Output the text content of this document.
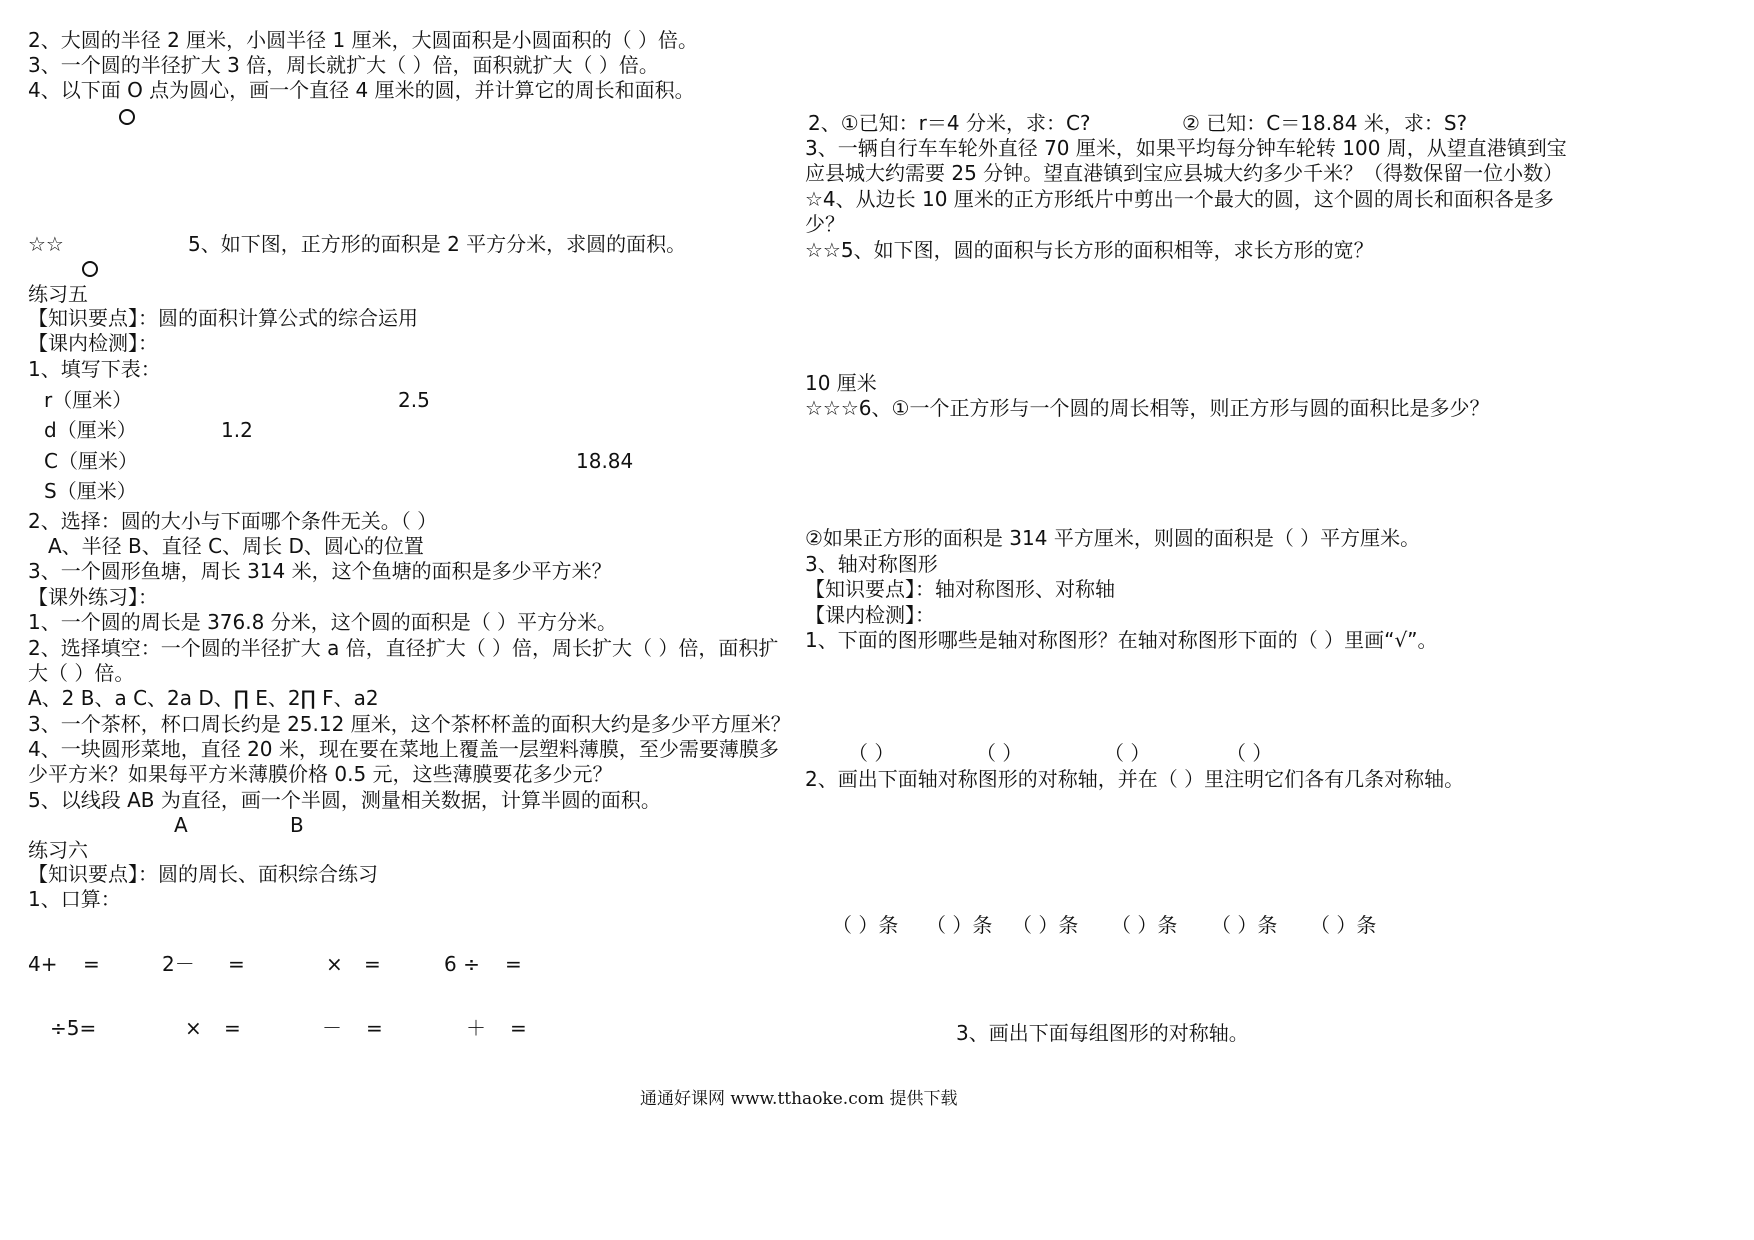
2、大圆的半径 2 厘米，小圆半径 1 厘米，大圆面积是小圆面积的（ ）倍。
3、一个圆的半径扩大 3 倍，周长就扩大（ ）倍，面积就扩大（ ）倍。
4、以下面 O 点为圆心，画一个直径 4 厘米的圆，并计算它的周长和面积。
☆☆	5、如下图，正方形的面积是 2 平方分米，求圆的面积。
练习五
【知识要点】：圆的面积计算公式的综合运用
【课内检测】：
1、填写下表：
r（厘米）	2.5
d（厘米）	1.2
C（厘米）	18.84
S（厘米）
2、选择：圆的大小与下面哪个条件无关。（ ）
A、半径 B、直径 C、周长 D、圆心的位置
3、一个圆形鱼塘，周长 314 米，这个鱼塘的面积是多少平方米？
【课外练习】：
1、一个圆的周长是 376.8 分米，这个圆的面积是（ ）平方分米。
2、选择填空：一个圆的半径扩大 a 倍，直径扩大（ ）倍，周长扩大（ ）倍，面积扩
大（ ）倍。
A、2 B、a C、2a D、∏ E、2∏ F、a2
3、一个茶杯，杯口周长约是 25.12 厘米，这个茶杯杯盖的面积大约是多少平方厘米？
4、一块圆形菜地，直径 20 米，现在要在菜地上覆盖一层塑料薄膜，至少需要薄膜多
少平方米？如果每平方米薄膜价格 0.5 元，这些薄膜要花多少元？
5、以线段 AB 为直径，画一个半圆，测量相关数据，计算半圆的面积。
A	B
练习六
【知识要点】：圆的周长、面积综合练习
1、口算：
4+ =	2－ =	× =	6 ÷ =
÷5=	× =	－ =	＋ =
2、①已知：r＝4 分米，求：C?	② 已知：C＝18.84 米，求：S?
3、一辆自行车车轮外直径 70 厘米，如果平均每分钟车轮转 100 周，从望直港镇到宝
应县城大约需要 25 分钟。望直港镇到宝应县城大约多少千米？（得数保留一位小数）
☆4、从边长 10 厘米的正方形纸片中剪出一个最大的圆，这个圆的周长和面积各是多
少？
☆☆5、如下图，圆的面积与长方形的面积相等，求长方形的宽？
10 厘米
☆☆☆6、①一个正方形与一个圆的周长相等，则正方形与圆的面积比是多少？
②如果正方形的面积是 314 平方厘米，则圆的面积是（ ）平方厘米。
3、轴对称图形
【知识要点】：轴对称图形、对称轴
【课内检测】：
1、下面的图形哪些是轴对称图形？在轴对称图形下面的（ ）里画“√”。
（ ）	（ ）	（ ）	（ ）
2、画出下面轴对称图形的对称轴，并在（ ）里注明它们各有几条对称轴。
（ ）条 （ ）条 （ ）条 （ ）条 （ ）条 （ ）条
3、画出下面每组图形的对称轴。
通通好课网 www.tthaoke.com 提供下载
